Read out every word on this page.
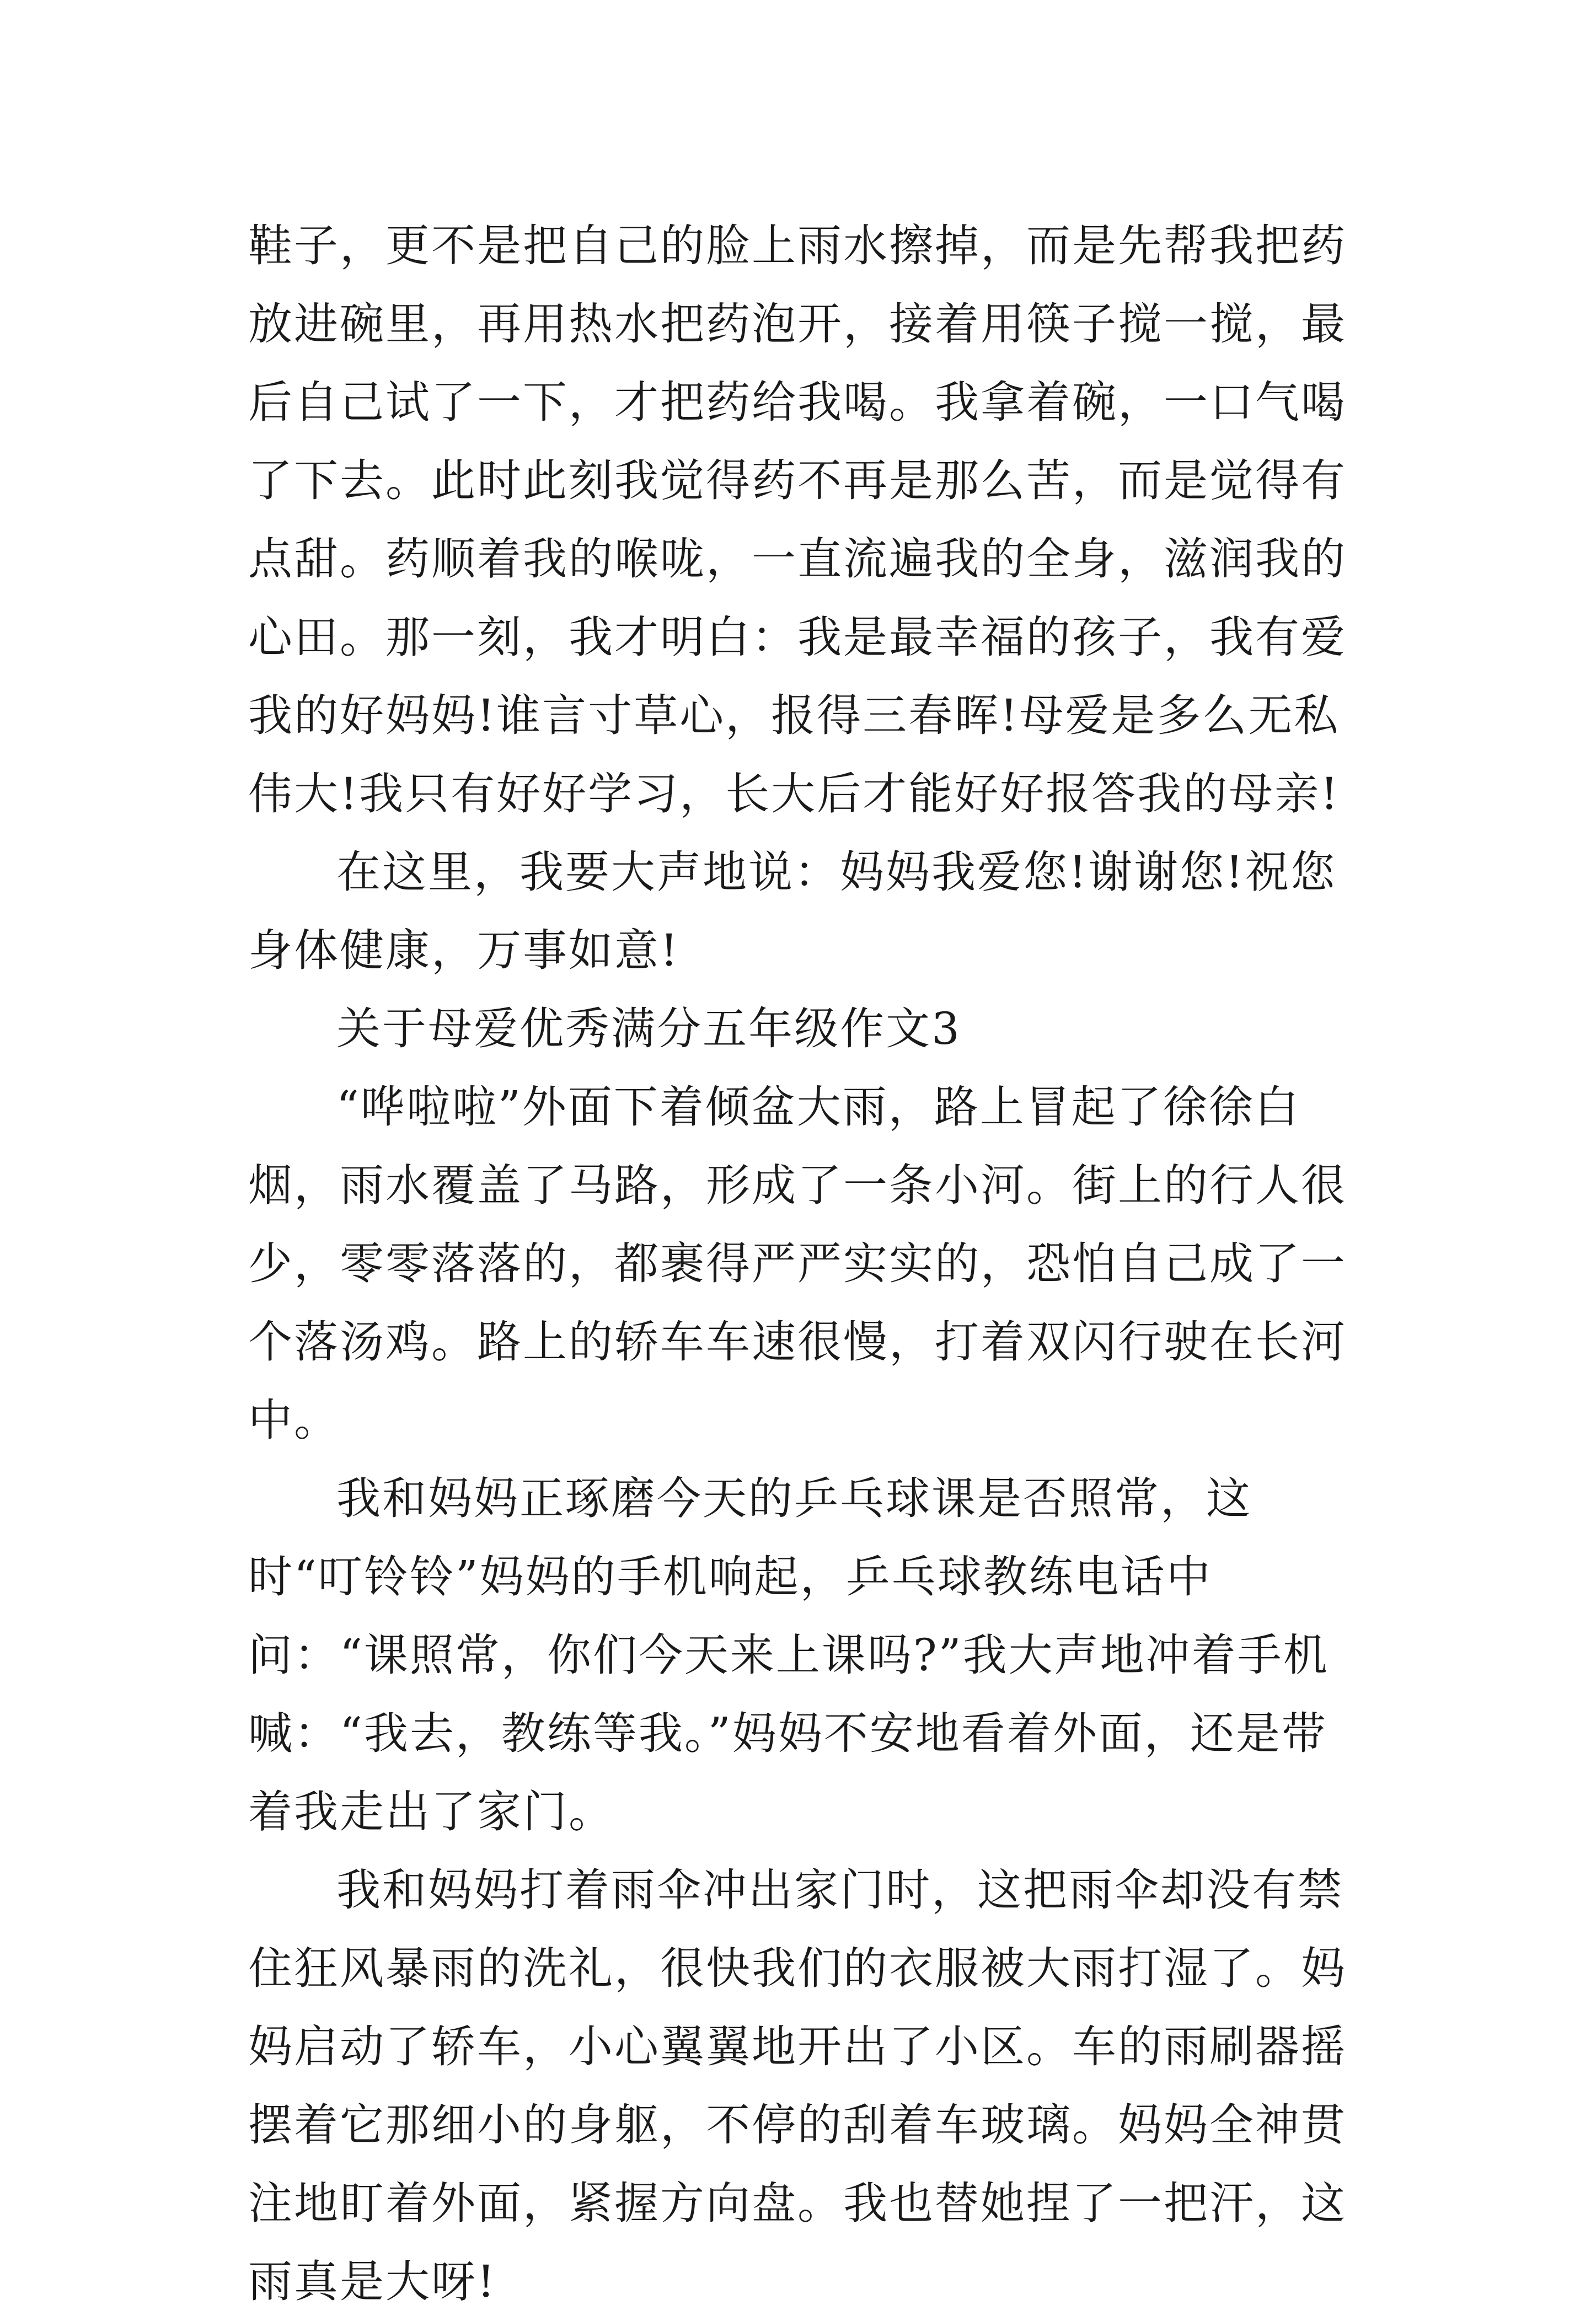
鞋子，更不是把自己的脸上雨水擦掉，而是先帮我把药放进碗里，再用热水把药泡开，接着用筷子搅一搅，最后自己试了一下，才把药给我喝。我拿着碗，一口气喝了下去。此时此刻我觉得药不再是那么苦，而是觉得有点甜。药顺着我的喉咙，一直流遍我的全身，滋润我的心田。那一刻，我才明白：我是最幸福的孩子，我有爱我的好妈妈!谁言寸草心，报得三春晖!母爱是多么无私伟大!我只有好好学习，长大后才能好好报答我的母亲!

在这里，我要大声地说：妈妈我爱您!谢谢您!祝您身体健康，万事如意!

关于母爱优秀满分五年级作文3

“哗啦啦”外面下着倾盆大雨，路上冒起了徐徐白烟，雨水覆盖了马路，形成了一条小河。街上的行人很少，零零落落的，都裹得严严实实的，恐怕自己成了一个落汤鸡。路上的轿车车速很慢，打着双闪行驶在长河中。

我和妈妈正琢磨今天的乒乓球课是否照常，这时“叮铃铃”妈妈的手机响起，乒乓球教练电话中问：“课照常，你们今天来上课吗?”我大声地冲着手机喊：“我去，教练等我。”妈妈不安地看着外面，还是带着我走出了家门。

我和妈妈打着雨伞冲出家门时，这把雨伞却没有禁住狂风暴雨的洗礼，很快我们的衣服被大雨打湿了。妈妈启动了轿车，小心翼翼地开出了小区。车的雨刷器摇摆着它那细小的身躯，不停的刮着车玻璃。妈妈全神贯注地盯着外面，紧握方向盘。我也替她捏了一把汗，这雨真是大呀!
